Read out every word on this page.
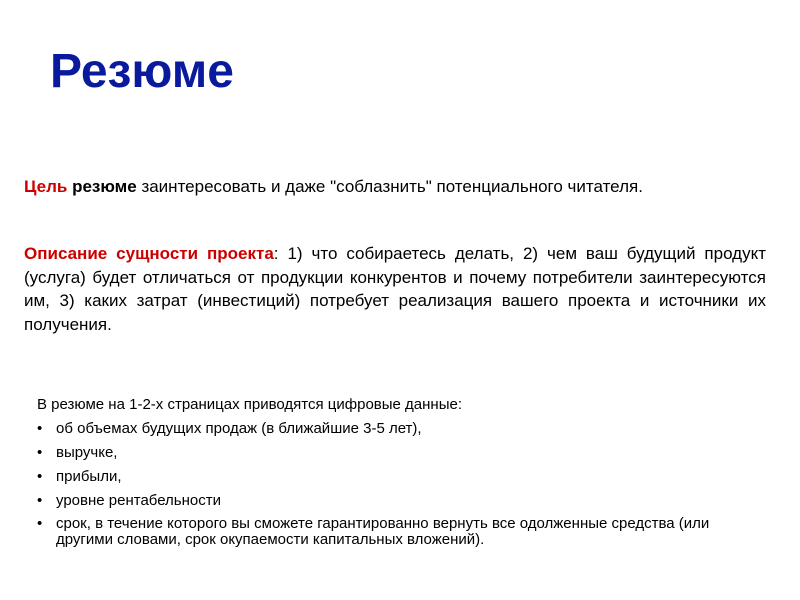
Резюме

Цель резюме заинтересовать и даже "соблазнить" потенциального читателя.

Описание сущности проекта: 1) что собираетесь делать, 2) чем ваш будущий продукт (услуга) будет отличаться от продукции конкурентов и почему потребители заинтересуются им, 3) каких затрат (инвестиций) потребует реализация вашего проекта и источники их получения.

В резюме на 1-2-х страницах приводятся цифровые данные:

• об объемах будущих продаж (в ближайшие 3-5 лет),
• выручке,
• прибыли,
• уровне рентабельности
• срок, в течение которого вы сможете гарантированно вернуть все одолженные средства (или другими словами, срок окупаемости капитальных вложений).
